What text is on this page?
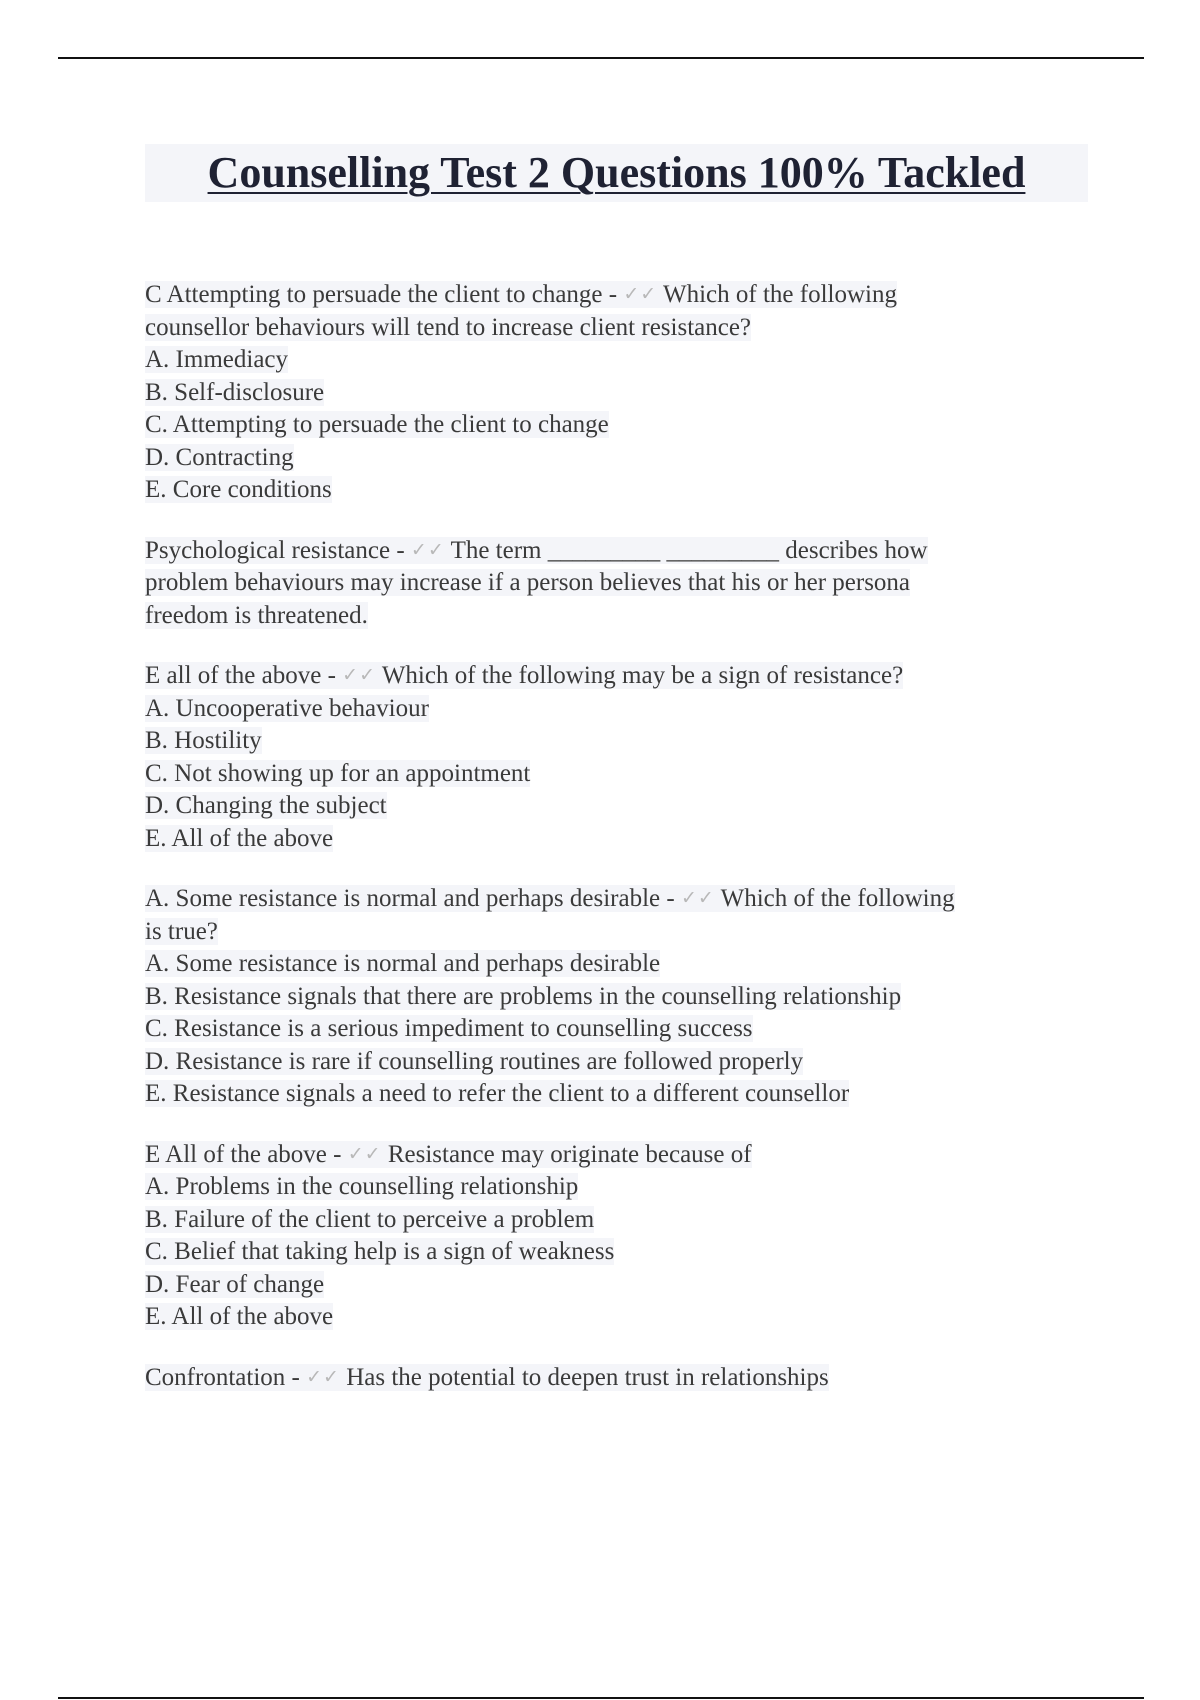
Counselling Test 2 Questions 100% Tackled
C Attempting to persuade the client to change - ✓✓ Which of the following
counsellor behaviours will tend to increase client resistance?
A. Immediacy
B. Self-disclosure
C. Attempting to persuade the client to change
D. Contracting
E. Core conditions
Psychological resistance - ✓✓ The term _________ _________ describes how
problem behaviours may increase if a person believes that his or her persona
freedom is threatened.
E all of the above - ✓✓ Which of the following may be a sign of resistance?
A. Uncooperative behaviour
B. Hostility
C. Not showing up for an appointment
D. Changing the subject
E. All of the above
A. Some resistance is normal and perhaps desirable - ✓✓ Which of the following
is true?
A. Some resistance is normal and perhaps desirable
B. Resistance signals that there are problems in the counselling relationship
C. Resistance is a serious impediment to counselling success
D. Resistance is rare if counselling routines are followed properly
E. Resistance signals a need to refer the client to a different counsellor
E All of the above - ✓✓ Resistance may originate because of
A. Problems in the counselling relationship
B. Failure of the client to perceive a problem
C. Belief that taking help is a sign of weakness
D. Fear of change
E. All of the above
Confrontation - ✓✓ Has the potential to deepen trust in relationships
